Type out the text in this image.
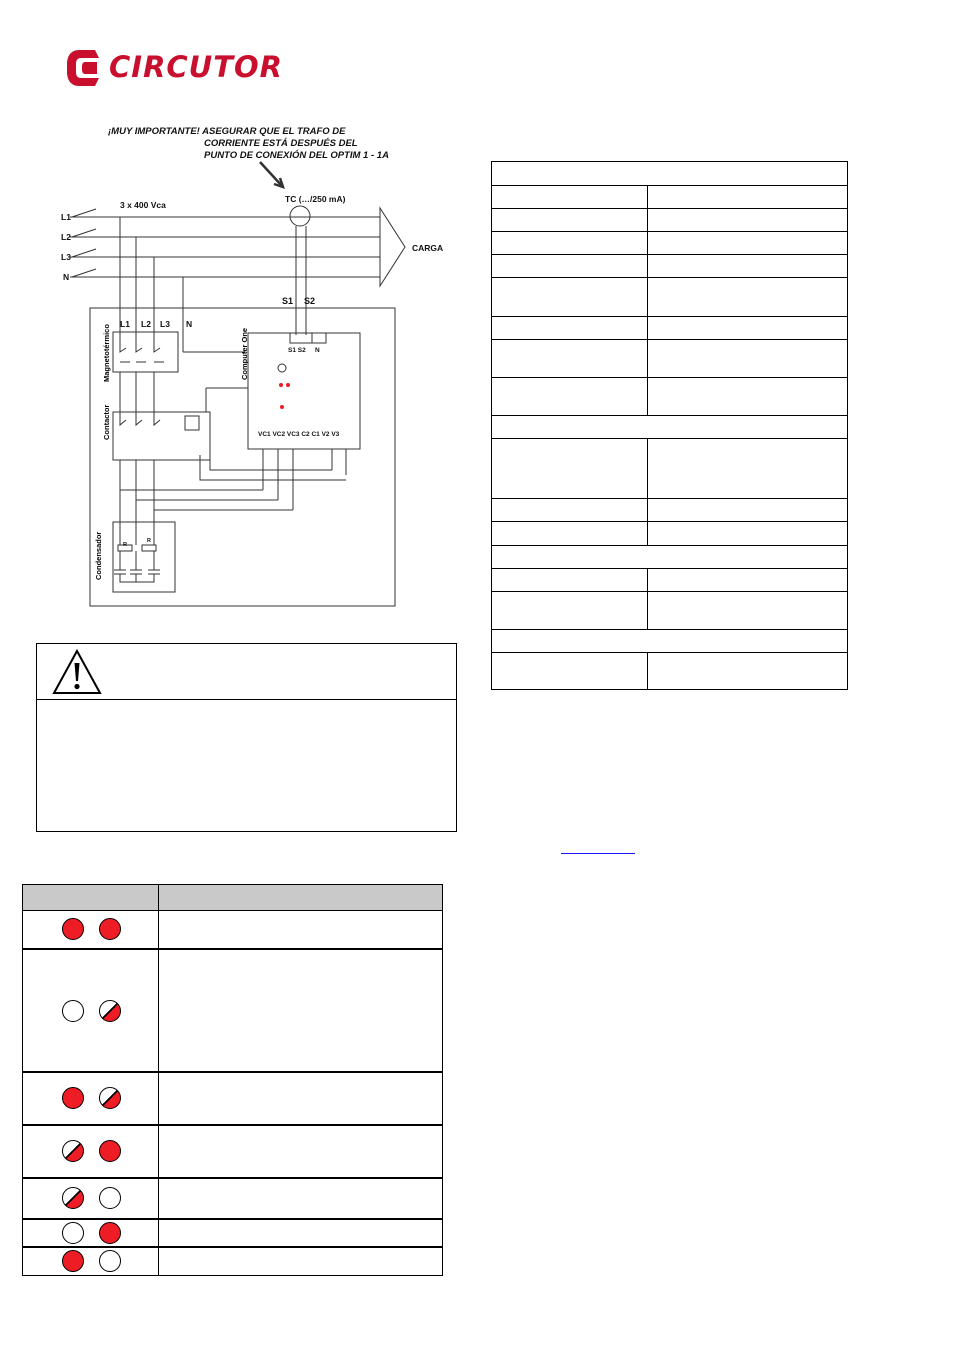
CIRCUTOR
¡MUY IMPORTANTE! ASEGURAR QUE EL TRAFO DE
CORRIENTE ESTÁ DESPUÉS DEL
PUNTO DE CONEXIÓN DEL OPTIM 1 - 1A
3 x 400 Vca
TC (…/250 mA)
CARGA
L1
L2
L3
N
S1 S2
L1 L2 L3 N
S1 S2 N
VC1 VC2 VC3 C2 C1 V2 V3
R
R
Magnetotérmico
Contactor
Computer One
Condensador
